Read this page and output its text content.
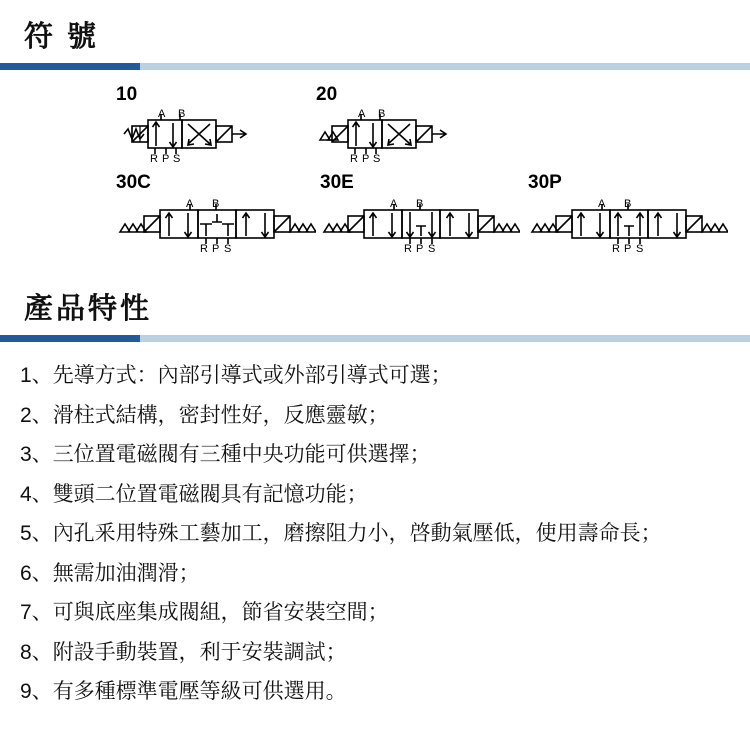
符 號
10
A B
R P S
20
A B
R P S
30C
A B
R P S
30E
A B
R P S
30P
A B
R P S
產品特性
1、 先導方式：內部引導式或外部引導式可選；
2、 滑柱式結構，密封性好，反應靈敏；
3、 三位置電磁閥有三種中央功能可供選擇；
4、 雙頭二位置電磁閥具有記憶功能；
5、 內孔釆用特殊工藝加工，磨擦阻力小，啓動氣壓低，使用壽命長；
6、 無需加油潤滑；
7、 可與底座集成閥組，節省安裝空間；
8、 附設手動裝置，利于安裝調試；
9、 有多種標準電壓等級可供選用。
